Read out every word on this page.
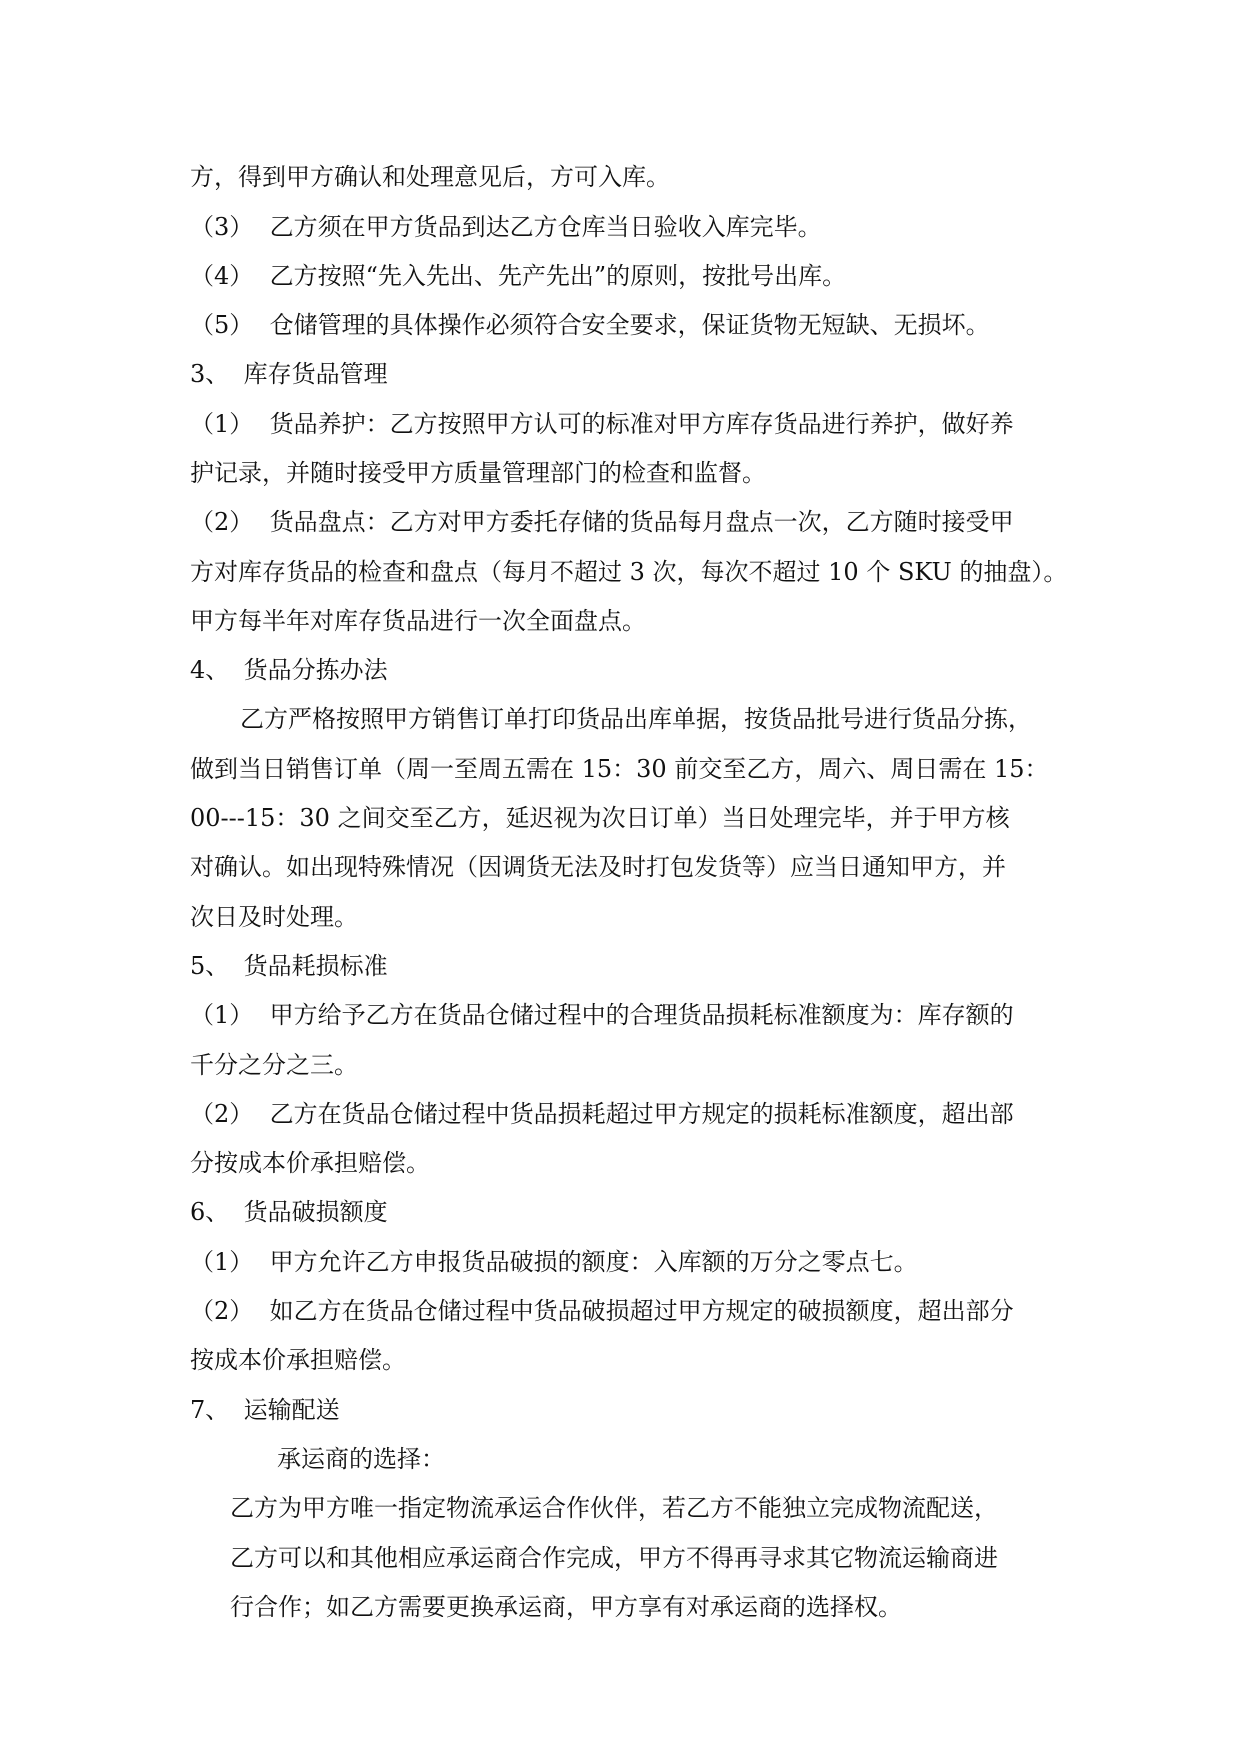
方，得到甲方确认和处理意见后，方可入库。
（3） 乙方须在甲方货品到达乙方仓库当日验收入库完毕。
（4） 乙方按照“先入先出、先产先出”的原则，按批号出库。
（5） 仓储管理的具体操作必须符合安全要求，保证货物无短缺、无损坏。
3、 库存货品管理
（1） 货品养护：乙方按照甲方认可的标准对甲方库存货品进行养护，做好养
护记录，并随时接受甲方质量管理部门的检查和监督。
（2） 货品盘点：乙方对甲方委托存储的货品每月盘点一次，乙方随时接受甲
方对库存货品的检查和盘点（每月不超过 3 次，每次不超过 10 个 SKU 的抽盘）。
甲方每半年对库存货品进行一次全面盘点。
4、 货品分拣办法
乙方严格按照甲方销售订单打印货品出库单据，按货品批号进行货品分拣，
做到当日销售订单（周一至周五需在 15：30 前交至乙方，周六、周日需在 15：
00---15：30 之间交至乙方，延迟视为次日订单）当日处理完毕，并于甲方核
对确认。如出现特殊情况（因调货无法及时打包发货等）应当日通知甲方，并
次日及时处理。
5、 货品耗损标准
（1） 甲方给予乙方在货品仓储过程中的合理货品损耗标准额度为：库存额的
千分之分之三。
（2） 乙方在货品仓储过程中货品损耗超过甲方规定的损耗标准额度，超出部
分按成本价承担赔偿。
6、 货品破损额度
（1） 甲方允许乙方申报货品破损的额度：入库额的万分之零点七。
（2） 如乙方在货品仓储过程中货品破损超过甲方规定的破损额度，超出部分
按成本价承担赔偿。
7、 运输配送
承运商的选择：
乙方为甲方唯一指定物流承运合作伙伴，若乙方不能独立完成物流配送，
乙方可以和其他相应承运商合作完成，甲方不得再寻求其它物流运输商进
行合作；如乙方需要更换承运商，甲方享有对承运商的选择权。
